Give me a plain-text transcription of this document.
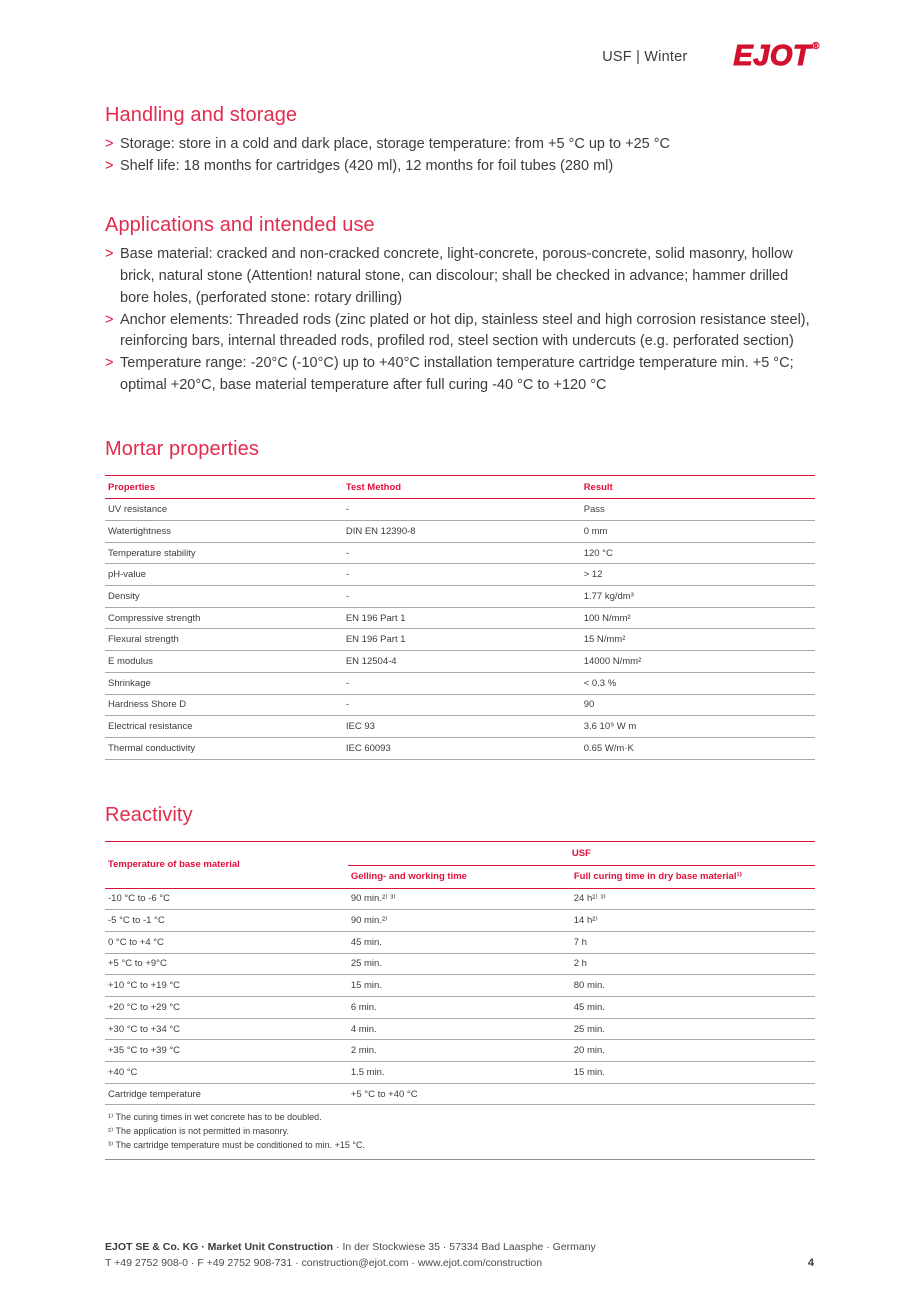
USF | Winter EJOT ®
Handling and storage
> Storage: store in a cold and dark place, storage temperature: from +5 °C up to +25 °C
> Shelf life: 18 months for cartridges (420 ml), 12 months for foil tubes (280 ml)
Applications and intended use
> Base material: cracked and non-cracked concrete, light-concrete, porous-concrete, solid masonry, hollow brick, natural stone (Attention! natural stone, can discolour; shall be checked in advance; hammer drilled bore holes, (perforated stone: rotary drilling)
> Anchor elements: Threaded rods (zinc plated or hot dip, stainless steel and high corrosion resistance steel), reinforcing bars, internal threaded rods, profiled rod, steel section with undercuts (e.g. perforated section)
> Temperature range: -20°C (-10°C) up to +40°C installation temperature cartridge temperature min. +5 °C; optimal +20°C, base material temperature after full curing -40 °C to +120 °C
Mortar properties
Properties	Test Method	Result
UV resistance	-	Pass
Watertightness	DIN EN 12390-8	0 mm
Temperature stability	-	120 °C
pH-value	-	> 12
Density	-	1.77 kg/dm³
Compressive strength	EN 196 Part 1	100 N/mm²
Flexural strength	EN 196 Part 1	15 N/mm²
E modulus	EN 12504-4	14000 N/mm²
Shrinkage	-	< 0.3 %
Hardness Shore D	-	90
Electrical resistance	IEC 93	3.6 10⁹ W m
Thermal conductivity	IEC 60093	0.65 W/m·K
Reactivity
Temperature of base material
USF
Gelling- and working time	Full curing time in dry base material¹⁾
-10 °C to -6 °C	90 min.²⁾ ³⁾	24 h²⁾ ³⁾
-5 °C to -1 °C	90 min.²⁾	14 h²⁾
0 °C to +4 °C	45 min.	7 h
+5 °C to +9°C	25 min.	2 h
+10 °C to +19 °C	15 min.	80 min.
+20 °C to +29 °C	6 min.	45 min.
+30 °C to +34 °C	4 min.	25 min.
+35 °C to +39 °C	2 min.	20 min.
+40 °C	1.5 min.	15 min.
Cartridge temperature	+5 °C to +40 °C
¹⁾ The curing times in wet concrete has to be doubled.
²⁾ The application is not permitted in masonry.
³⁾ The cartridge temperature must be conditioned to min. +15 °C.
EJOT SE & Co. KG · Market Unit Construction · In der Stockwiese 35 · 57334 Bad Laasphe · Germany
T +49 2752 908-0 · F +49 2752 908-731 · construction@ejot.com · www.ejot.com/construction	4
